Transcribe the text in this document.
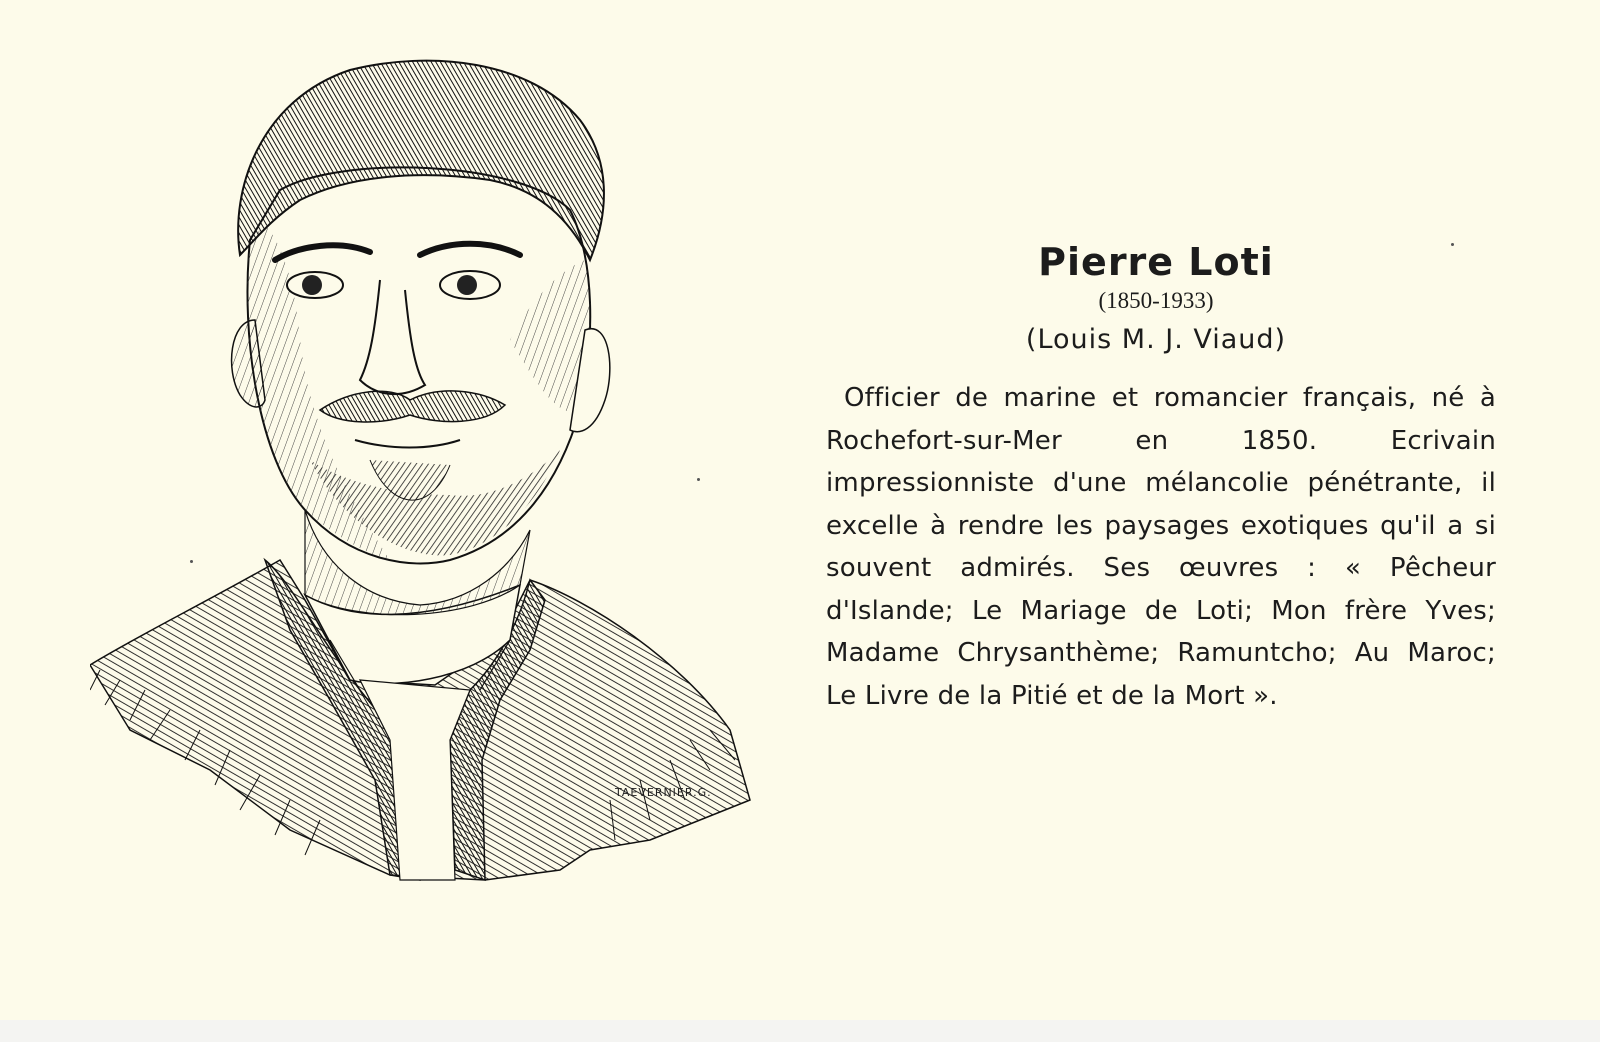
TAEVERNIER.G.
Pierre Loti
(1850-1933)
(Louis M. J. Viaud)
Officier de marine et romancier français, né à Rochefort-sur-Mer en 1850. Ecrivain impressionniste d'une mélancolie pénétrante, il excelle à rendre les paysages exotiques qu'il a si souvent admirés. Ses œuvres : « Pêcheur d'Islande; Le Mariage de Loti; Mon frère Yves; Madame Chrysanthème; Ramuntcho; Au Maroc; Le Livre de la Pitié et de la Mort ».
